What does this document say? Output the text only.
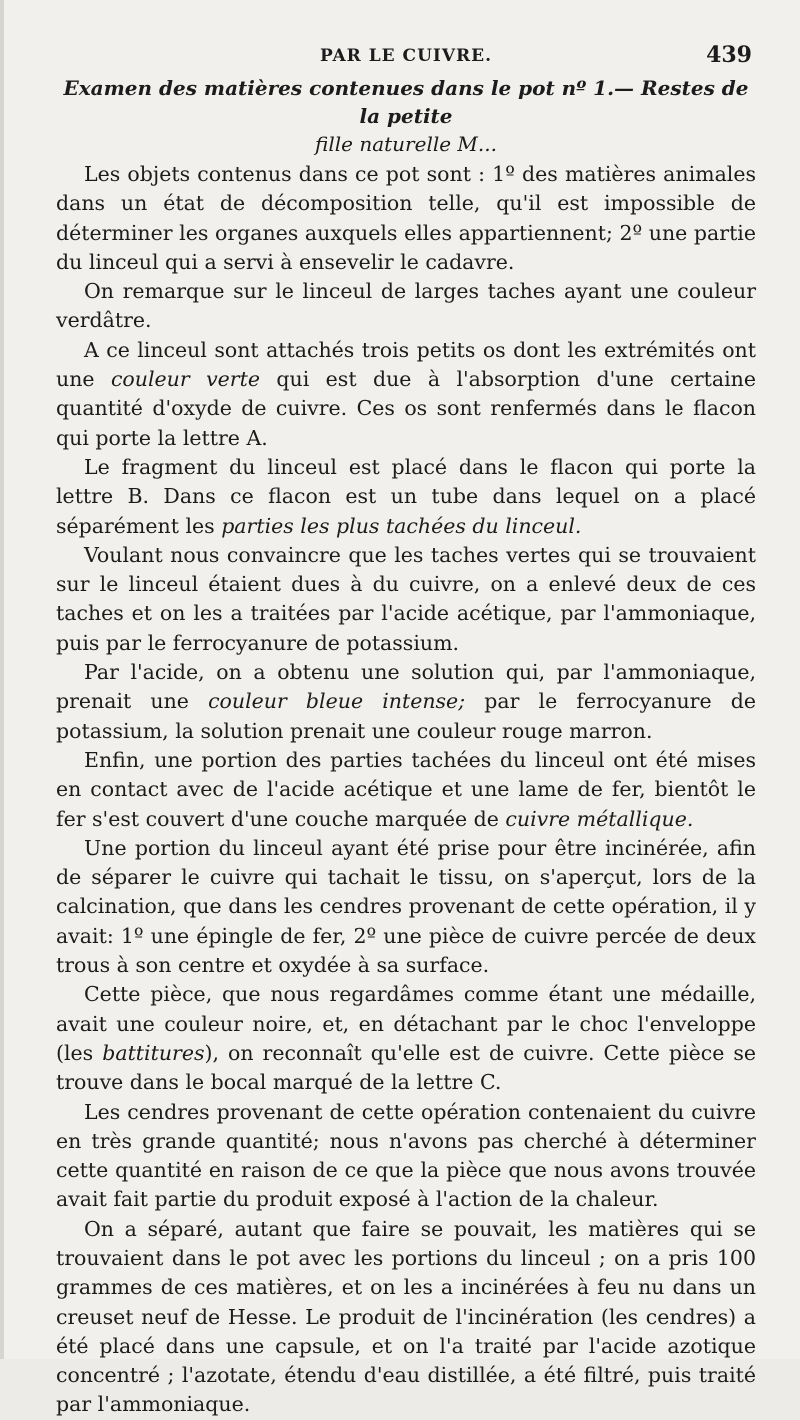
PAR LE CUIVRE.	439
Examen des matières contenues dans le pot nº 1.— Restes de la petite
fille naturelle M...

Les objets contenus dans ce pot sont : 1º des matières animales dans un état de décomposition telle, qu'il est impossible de déterminer les organes auxquels elles appartiennent; 2º une partie du linceul qui a servi à ensevelir le cadavre.

On remarque sur le linceul de larges taches ayant une couleur verdâtre.

A ce linceul sont attachés trois petits os dont les extrémités ont une couleur verte qui est due à l'absorption d'une certaine quantité d'oxyde de cuivre. Ces os sont renfermés dans le flacon qui porte la lettre A.

Le fragment du linceul est placé dans le flacon qui porte la lettre B. Dans ce flacon est un tube dans lequel on a placé séparément les parties les plus tachées du linceul.

Voulant nous convaincre que les taches vertes qui se trouvaient sur le linceul étaient dues à du cuivre, on a enlevé deux de ces taches et on les a traitées par l'acide acétique, par l'ammoniaque, puis par le ferrocyanure de potassium.

Par l'acide, on a obtenu une solution qui, par l'ammoniaque, prenait une couleur bleue intense; par le ferrocyanure de potassium, la solution prenait une couleur rouge marron.

Enfin, une portion des parties tachées du linceul ont été mises en contact avec de l'acide acétique et une lame de fer, bientôt le fer s'est couvert d'une couche marquée de cuivre métallique.

Une portion du linceul ayant été prise pour être incinérée, afin de séparer le cuivre qui tachait le tissu, on s'aperçut, lors de la calcination, que dans les cendres provenant de cette opération, il y avait: 1º une épingle de fer, 2º une pièce de cuivre percée de deux trous à son centre et oxydée à sa surface.

Cette pièce, que nous regardâmes comme étant une médaille, avait une couleur noire, et, en détachant par le choc l'enveloppe (les battitures), on reconnaît qu'elle est de cuivre. Cette pièce se trouve dans le bocal marqué de la lettre C.

Les cendres provenant de cette opération contenaient du cuivre en très grande quantité; nous n'avons pas cherché à déterminer cette quantité en raison de ce que la pièce que nous avons trouvée avait fait partie du produit exposé à l'action de la chaleur.

On a séparé, autant que faire se pouvait, les matières qui se trouvaient dans le pot avec les portions du linceul ; on a pris 100 grammes de ces matières, et on les a incinérées à feu nu dans un creuset neuf de Hesse. Le produit de l'incinération (les cendres) a été placé dans une capsule, et on l'a traité par l'acide azotique concentré ; l'azotate, étendu d'eau distillée, a été filtré, puis traité par l'ammoniaque.
